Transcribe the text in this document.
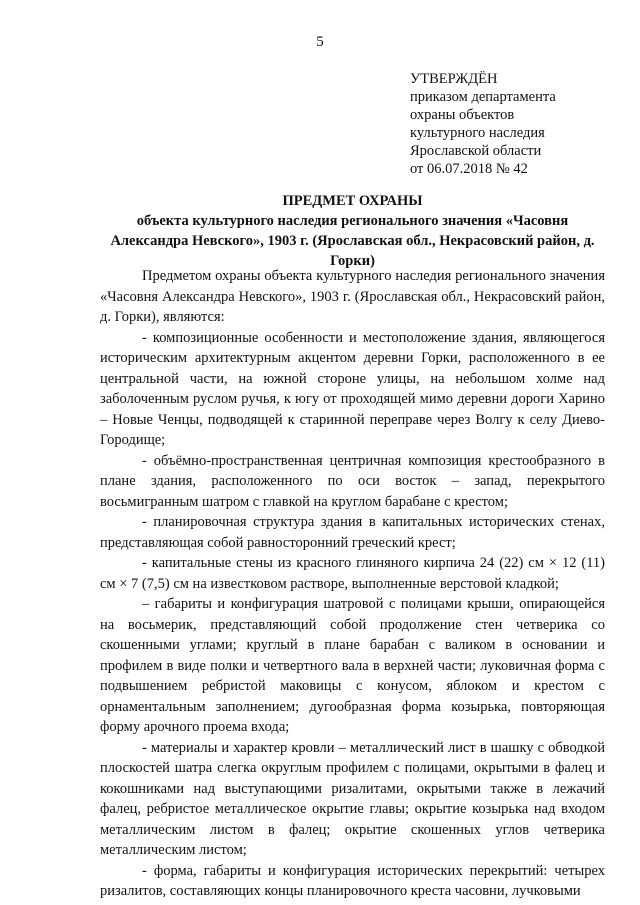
5
УТВЕРЖДЁН
приказом департамента
охраны объектов
культурного наследия
Ярославской области
от 06.07.2018 № 42
ПРЕДМЕТ ОХРАНЫ
объекта культурного наследия регионального значения «Часовня Александра Невского», 1903 г. (Ярославская обл., Некрасовский район, д. Горки)

Предметом охраны объекта культурного наследия регионального значения «Часовня Александра Невского», 1903 г. (Ярославская обл., Некрасовский район, д. Горки), являются:

- композиционные особенности и местоположение здания, являющегося историческим архитектурным акцентом деревни Горки, расположенного в ее центральной части, на южной стороне улицы, на небольшом холме над заболоченным руслом ручья, к югу от проходящей мимо деревни дороги Харино – Новые Ченцы, подводящей к старинной переправе через Волгу к селу Диево-Городище;

- объёмно-пространственная центричная композиция крестообразного в плане здания, расположенного по оси восток – запад, перекрытого восьмигранным шатром с главкой на круглом барабане с крестом;

- планировочная структура здания в капитальных исторических стенах, представляющая собой равносторонний греческий крест;

- капитальные стены из красного глиняного кирпича 24 (22) см × 12 (11) см × 7 (7,5) см на известковом растворе, выполненные верстовой кладкой;

– габариты и конфигурация шатровой с полицами крыши, опирающейся на восьмерик, представляющий собой продолжение стен четверика со скошенными углами; круглый в плане барабан с валиком в основании и профилем в виде полки и четвертного вала в верхней части; луковичная форма с подвышением ребристой маковицы с конусом, яблоком и крестом с орнаментальным заполнением; дугообразная форма козырька, повторяющая форму арочного проема входа;

- материалы и характер кровли – металлический лист в шашку с обводкой плоскостей шатра слегка округлым профилем с полицами, окрытыми в фалец и кокошниками над выступающими ризалитами, окрытыми также в лежачий фалец, ребристое металлическое окрытие главы; окрытие козырька над входом металлическим листом в фалец; окрытие скошенных углов четверика металлическим листом;

- форма, габариты и конфигурация исторических перекрытий: четырех ризалитов, составляющих концы планировочного креста часовни, лучковыми
